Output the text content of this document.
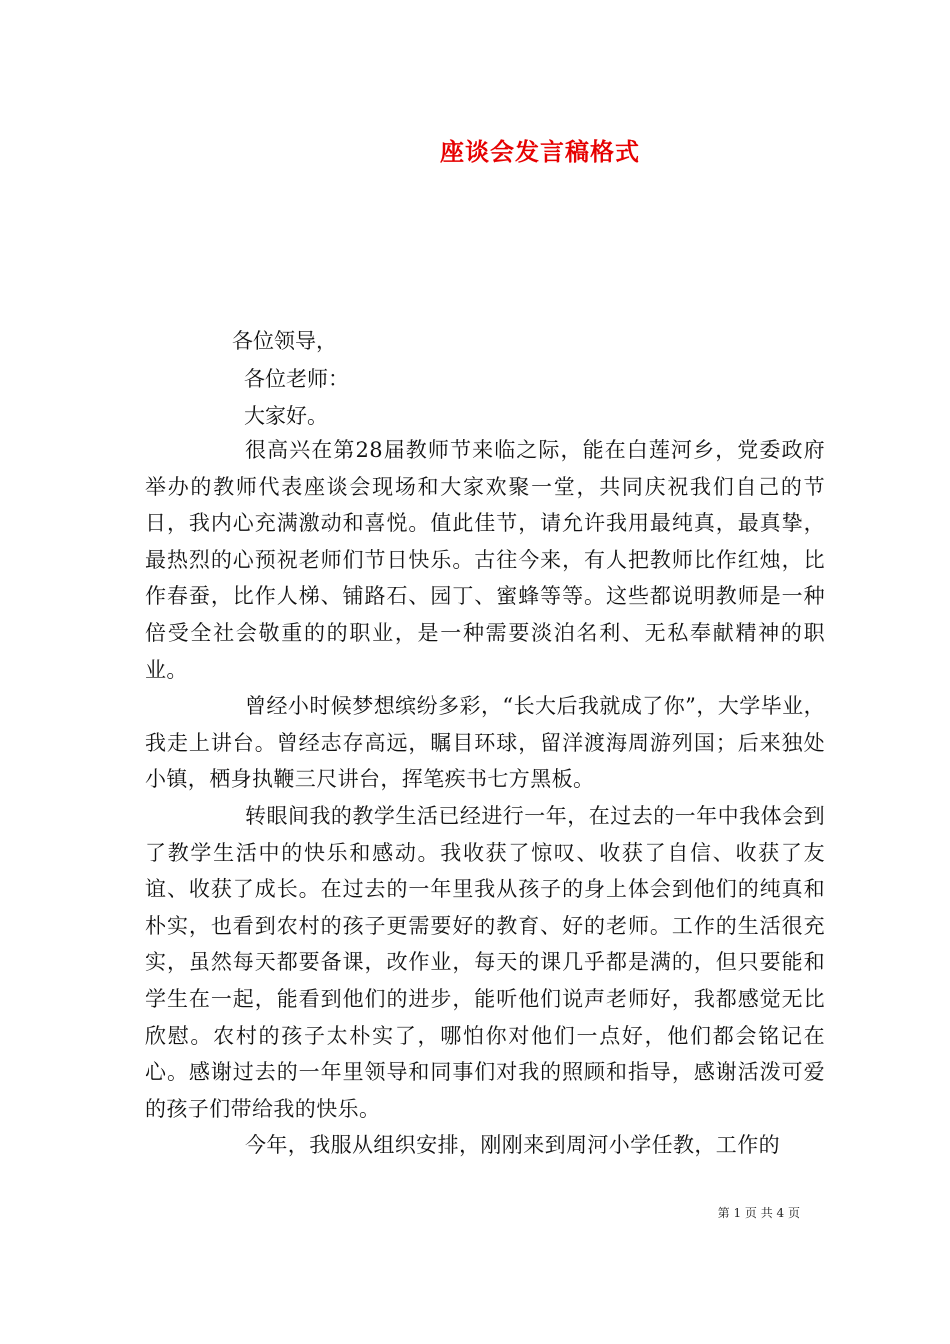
座谈会发言稿格式
各位领导，
各位老师：
大家好。

很高兴在第28届教师节来临之际，能在白莲河乡，党委政府举办的教师代表座谈会现场和大家欢聚一堂，共同庆祝我们自己的节日，我内心充满激动和喜悦。值此佳节，请允许我用最纯真，最真挚，最热烈的心预祝老师们节日快乐。古往今来，有人把教师比作红烛，比作春蚕，比作人梯、铺路石、园丁、蜜蜂等等。这些都说明教师是一种倍受全社会敬重的的职业，是一种需要淡泊名利、无私奉献精神的职业。

曾经小时候梦想缤纷多彩，“长大后我就成了你”，大学毕业，我走上讲台。曾经志存高远，瞩目环球，留洋渡海周游列国；后来独处小镇，栖身执鞭三尺讲台，挥笔疾书七方黑板。

转眼间我的教学生活已经进行一年，在过去的一年中我体会到了教学生活中的快乐和感动。我收获了惊叹、收获了自信、收获了友谊、收获了成长。在过去的一年里我从孩子的身上体会到他们的纯真和朴实，也看到农村的孩子更需要好的教育、好的老师。工作的生活很充实，虽然每天都要备课，改作业，每天的课几乎都是满的，但只要能和学生在一起，能看到他们的进步，能听他们说声老师好，我都感觉无比欣慰。农村的孩子太朴实了，哪怕你对他们一点好，他们都会铭记在心。感谢过去的一年里领导和同事们对我的照顾和指导，感谢活泼可爱的孩子们带给我的快乐。

今年，我服从组织安排，刚刚来到周河小学任教，工作的

第 1 页 共 4 页
